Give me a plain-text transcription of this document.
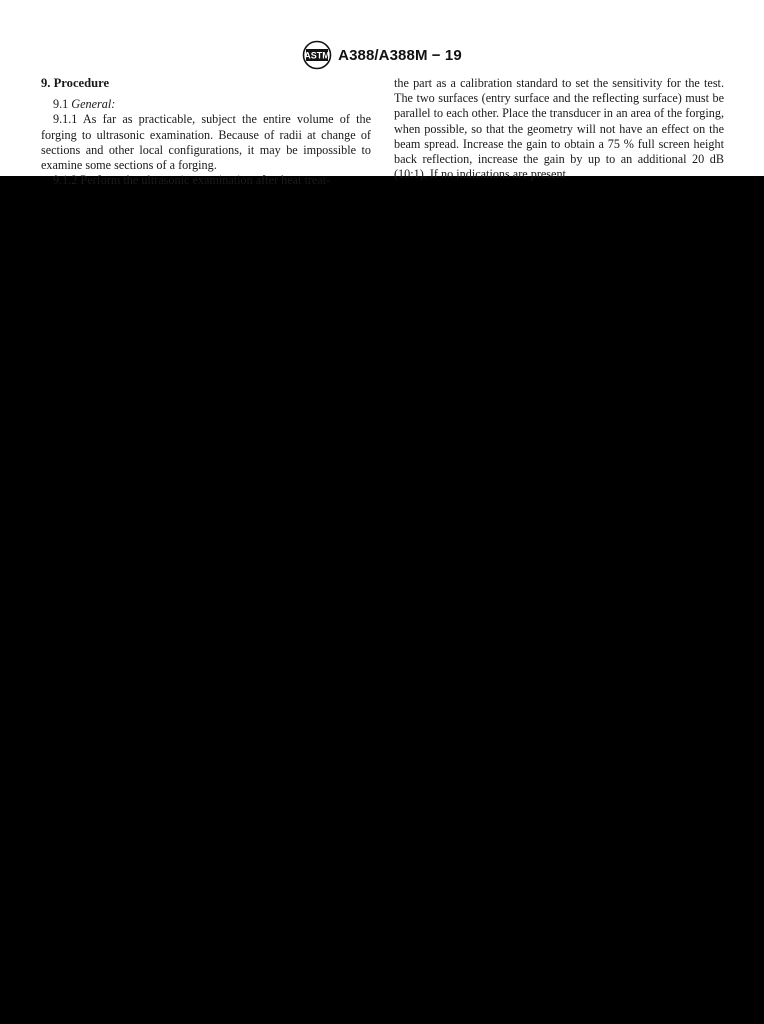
ASTM A388/A388M − 19
9. Procedure

9.1 General:

9.1.1 As far as practicable, subject the entire volume of the forging to ultrasonic examination. Because of radii at change of sections and other local configurations, it may be impossible to examine some sections of a forging.

9.1.2 Perform the ultrasonic examination after heat treat-

the part as a calibration standard to set the sensitivity for the test. The two surfaces (entry surface and the reflecting surface) must be parallel to each other. Place the transducer in an area of the forging, when possible, so that the geometry will not have an effect on the beam spread. Increase the gain to obtain a 75 % full screen height back reflection, increase the gain by up to an additional 20 dB (10:1). If no indications are present
